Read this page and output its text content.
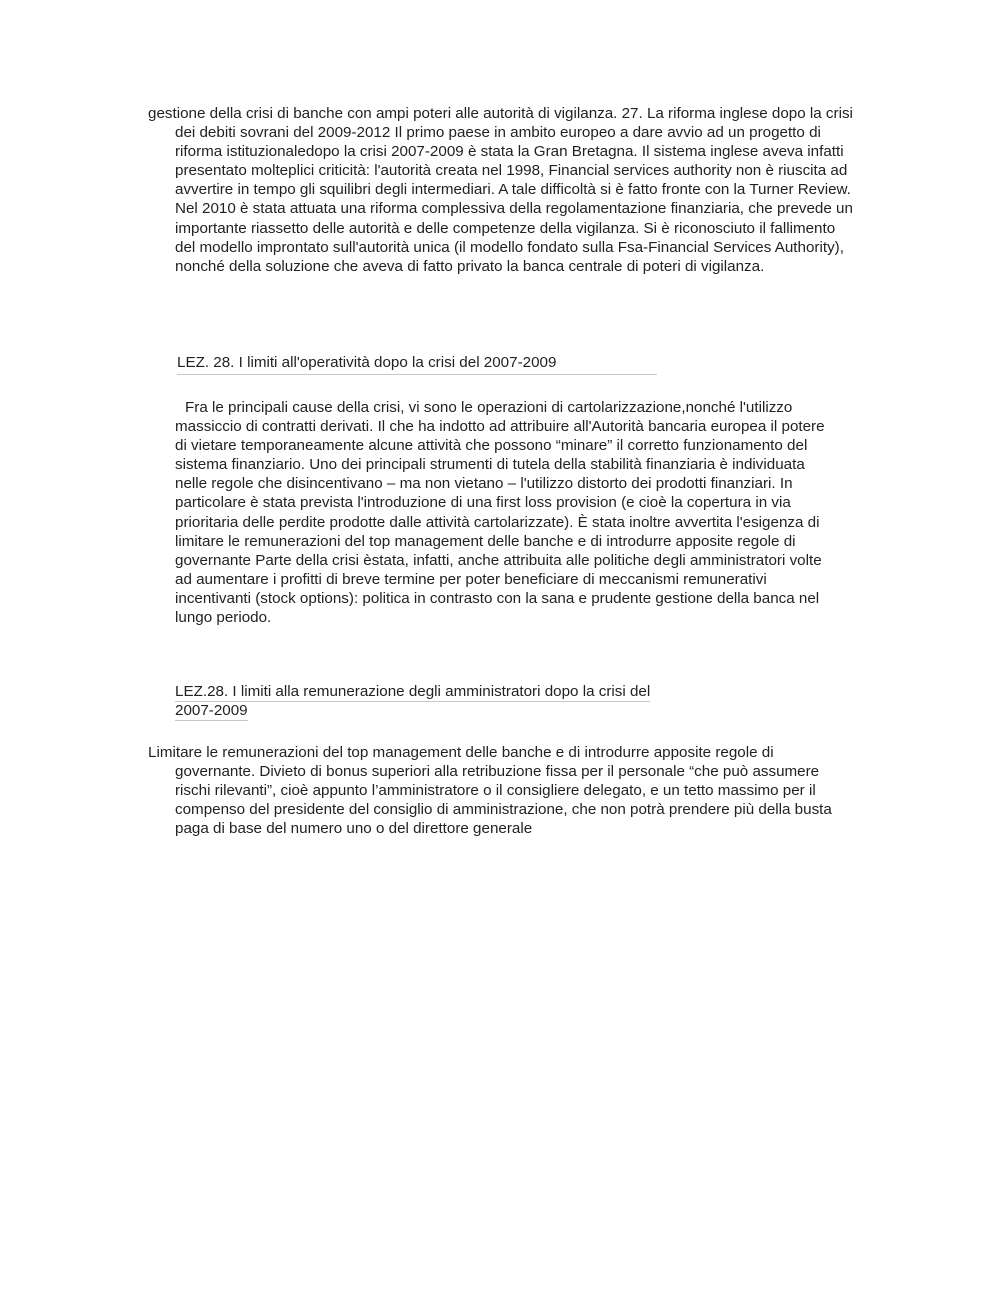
gestione della crisi di banche con ampi poteri alle autorità di vigilanza. 27. La riforma inglese dopo la crisi dei debiti sovrani del 2009-2012 Il primo paese in ambito europeo a dare avvio ad un progetto di riforma istituzionaledopo la crisi 2007-2009 è stata la Gran Bretagna. Il sistema inglese aveva infatti presentato molteplici criticità: l'autorità creata nel 1998, Financial services authority non è riuscita ad avvertire in tempo gli squilibri degli intermediari. A tale difficoltà si è fatto fronte con la Turner Review. Nel 2010 è stata attuata una riforma complessiva della regolamentazione finanziaria, che prevede un importante riassetto delle autorità e delle competenze della vigilanza. Si è riconosciuto il fallimento del modello improntato sull'autorità unica (il modello fondato sulla Fsa-Financial Services Authority), nonché della soluzione che aveva di fatto privato la banca centrale di poteri di vigilanza.

LEZ. 28. I limiti all'operatività dopo la crisi del 2007-2009

Fra le principali cause della crisi, vi sono le operazioni di cartolarizzazione,nonché l'utilizzo massiccio di contratti derivati. Il che ha indotto ad attribuire all'Autorità bancaria europea il potere di vietare temporaneamente alcune attività che possono “minare” il corretto funzionamento del sistema finanziario. Uno dei principali strumenti di tutela della stabilità finanziaria è individuata nelle regole che disincentivano – ma non vietano – l'utilizzo distorto dei prodotti finanziari. In particolare è stata prevista l'introduzione di una first loss provision (e cioè la copertura in via prioritaria delle perdite prodotte dalle attività cartolarizzate). È stata inoltre avvertita l'esigenza di limitare le remunerazioni del top management delle banche e di introdurre apposite regole di governante Parte della crisi èstata, infatti, anche attribuita alle politiche degli amministratori volte ad aumentare i profitti di breve termine per poter beneficiare di meccanismi remunerativi incentivanti (stock options): politica in contrasto con la sana e prudente gestione della banca nel lungo periodo.

LEZ.28. I limiti alla remunerazione degli amministratori dopo la crisi del
2007-2009

Limitare le remunerazioni del top management delle banche e di introdurre apposite regole di governante. Divieto di bonus superiori alla retribuzione fissa per il personale “che può assumere rischi rilevanti”, cioè appunto l’amministratore o il consigliere delegato, e un tetto massimo per il compenso del presidente del consiglio di amministrazione, che non potrà prendere più della busta paga di base del numero uno o del direttore generale
